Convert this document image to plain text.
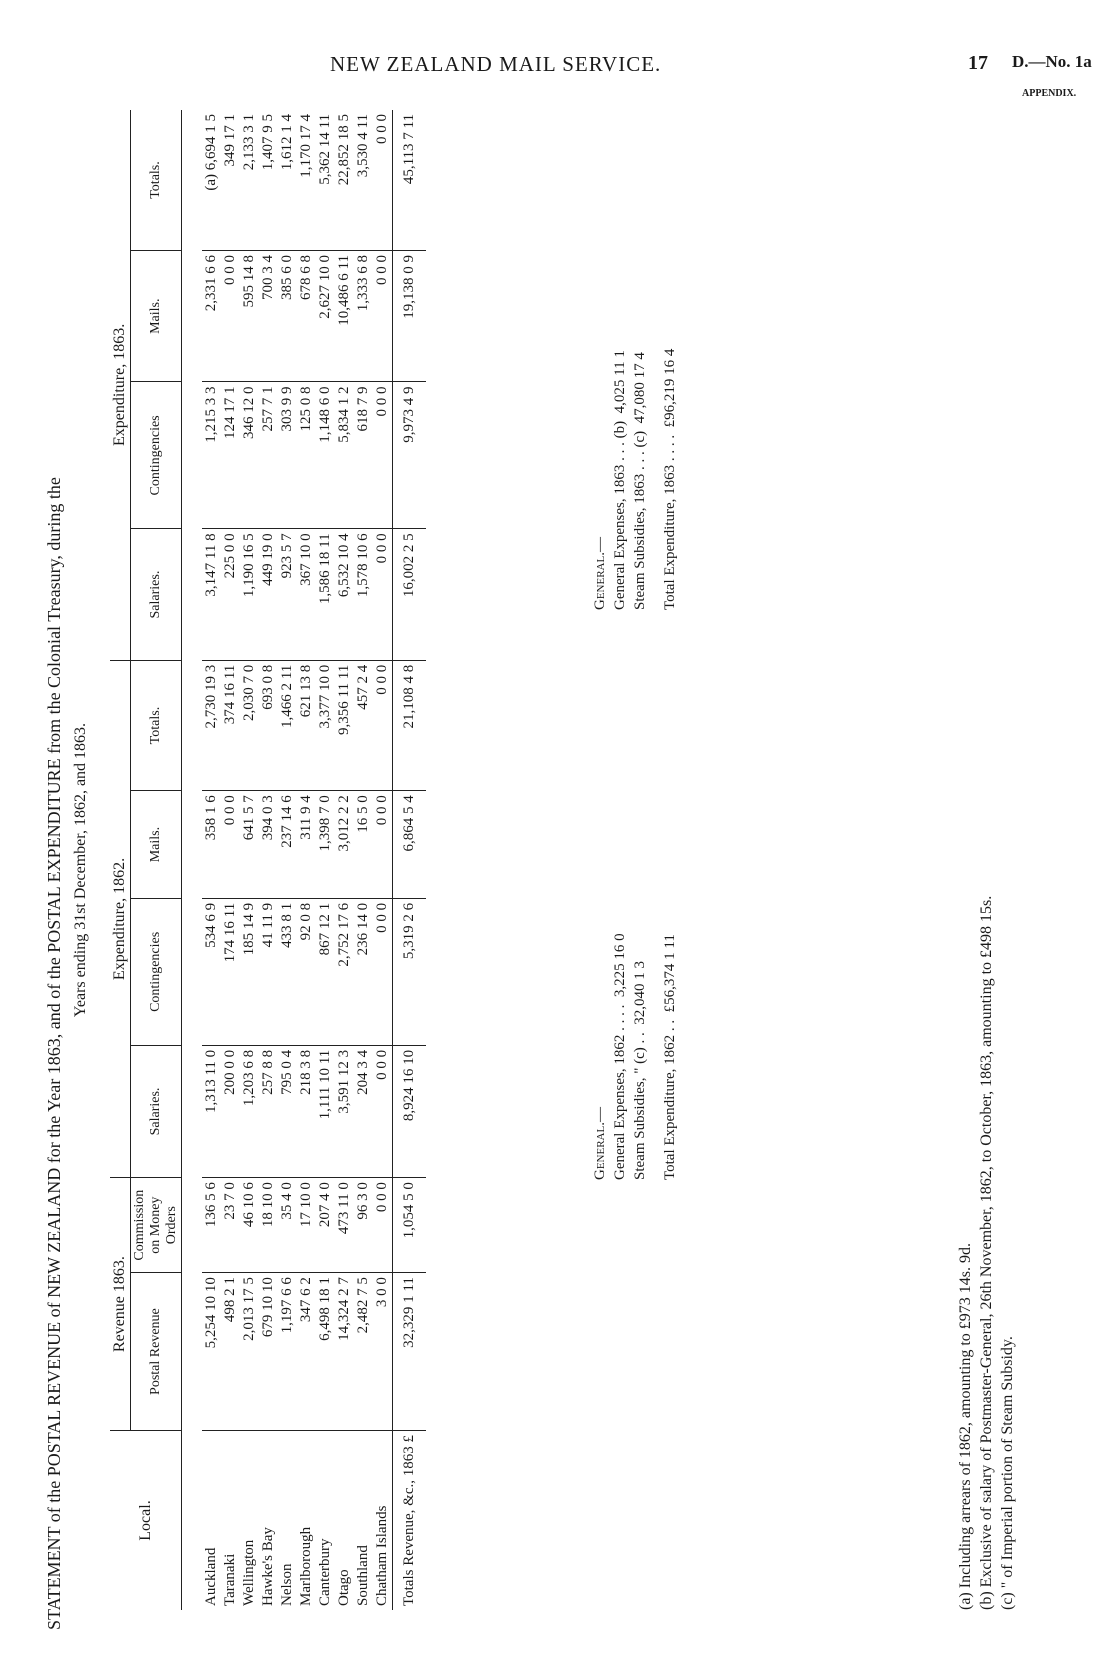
NEW ZEALAND MAIL SERVICE.	17 D.—No. 1a
APPENDIX.
STATEMENT of the POSTAL REVENUE of NEW ZEALAND for the Year 1863, and of the POSTAL EXPENDITURE from the Colonial Treasury, during the Years ending 31st December, 1862, and 1863.
Local.	Revenue 1863.		Expenditure, 1862.				Expenditure, 1863.			
	Postal Revenue	Commission on Money Orders	Salaries.	Contingencies	Mails.	Totals.	Salaries.	Contingencies	Mails.	Totals.

Auckland	5,254 10 10	136 5 6	1,313 11 0	534 6 9	358 1 6	2,730 19 3	3,147 11 8	1,215 3 3	2,331 6 6	(a) 6,694 1 5
Taranaki	498 2 1	23 7 0	200 0 0	174 16 11	0 0 0	374 16 11	225 0 0	124 17 1	0 0 0	349 17 1
Wellington	2,013 17 5	46 10 6	1,203 6 8	185 14 9	641 5 7	2,030 7 0	1,190 16 5	346 12 0	595 14 8	2,133 3 1
Hawke's Bay	679 10 10	18 10 0	257 8 8	41 11 9	394 0 3	693 0 8	449 19 0	257 7 1	700 3 4	1,407 9 5
Nelson	1,197 6 6	35 4 0	795 0 4	433 8 1	237 14 6	1,466 2 11	923 5 7	303 9 9	385 6 0	1,612 1 4
Marlborough	347 6 2	17 10 0	218 3 8	92 0 8	311 9 4	621 13 8	367 10 0	125 0 8	678 6 8	1,170 17 4
Canterbury	6,498 18 1	207 4 0	1,111 10 11	867 12 1	1,398 7 0	3,377 10 0	1,586 18 11	1,148 6 0	2,627 10 0	5,362 14 11
Otago	14,324 2 7	473 11 0	3,591 12 3	2,752 17 6	3,012 2 2	9,356 11 11	6,532 10 4	5,834 1 2	10,486 6 11	22,852 18 5
Southland	2,482 7 5	96 3 0	204 3 4	236 14 0	16 5 0	457 2 4	1,578 10 6	618 7 9	1,333 6 8	3,530 4 11
Chatham Islands	3 0 0	0 0 0	0 0 0	0 0 0	0 0 0	0 0 0	0 0 0	0 0 0	0 0 0	0 0 0
Totals Revenue, &c., 1863 £	32,329 1 11	1,054 5 0	8,924 16 10	5,319 2 6	6,864 5 4	21,108 4 8	16,002 2 5	9,973 4 9	19,138 0 9	45,113 7 11
General.— General Expenses, 1862 . . . .  3,225 16 0
Steam Subsidies, " (c) . .  32,040 1 3
Total Expenditure, 1862 . .  £56,374 1 11
General.— General Expenses, 1863 . . . (b)  4,025 11 1
Steam Subsidies, 1863 . . . (c)  47,080 17 4
Total Expenditure, 1863 . . . .  £96,219 16 4
(a) Including arrears of 1862, amounting to £973 14s. 9d. (b) Exclusive of salary of Postmaster-General, 26th November, 1862, to October, 1863, amounting to £498 15s. (c) " of Imperial portion of Steam Subsidy.
